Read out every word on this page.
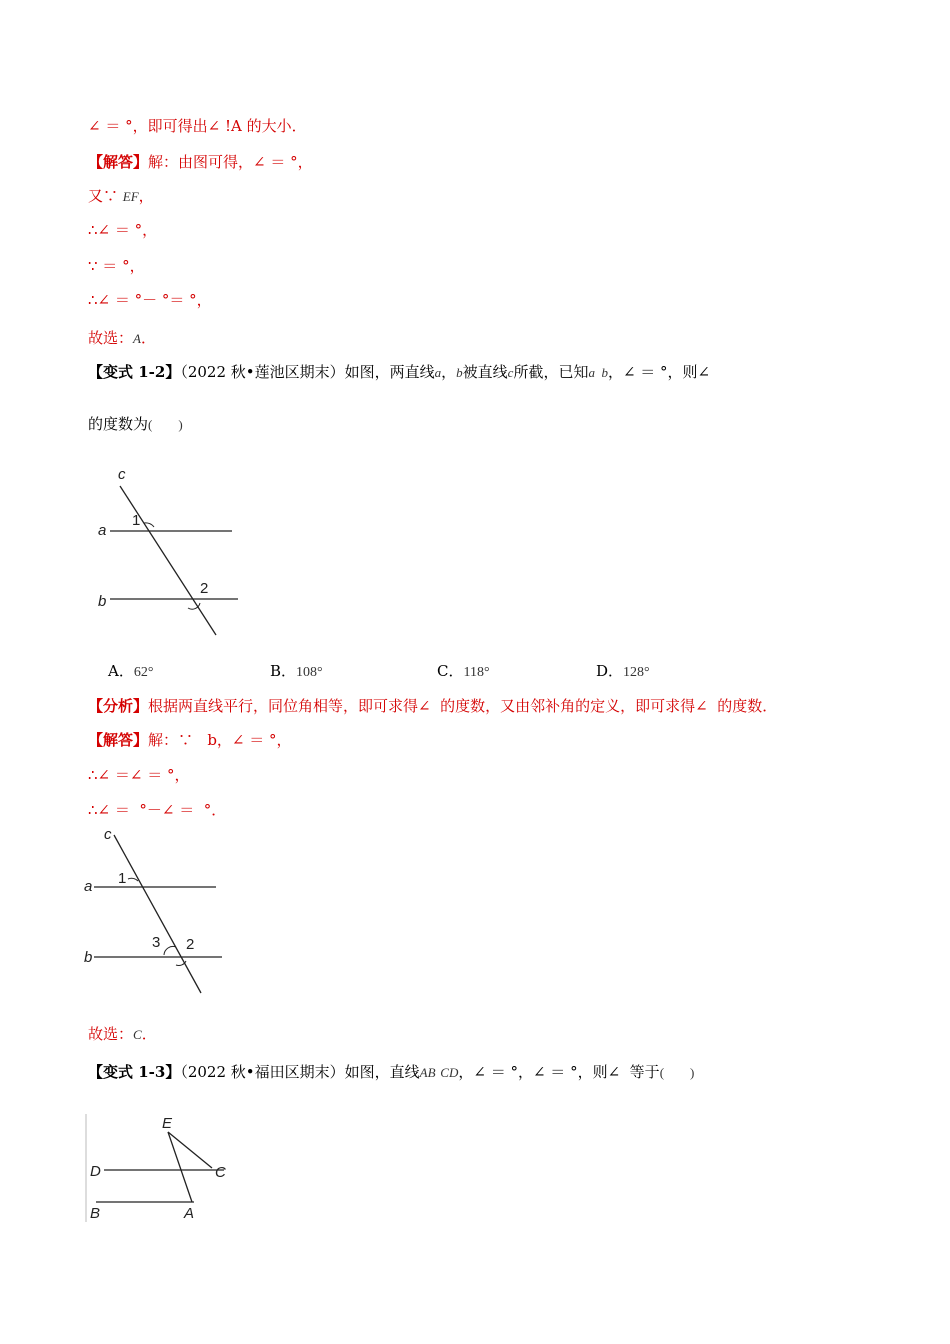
∠ ＝ °，即可得出∠ !A 的大小．
【解答】解：由图可得，∠ ＝ °，
又∵ EF，
∴∠ ＝ °，
∵ ＝ °，
∴∠ ＝ °－ °＝ °，
故选：A．
【变式 1-2】（2022 秋•莲池区期末）如图，两直线a，b被直线c所截，已知a  b，∠ ＝ °，则∠
的度数为(        )
c
a
b
1
2
A．62°	B．108°	C．118°	D．128°
【分析】根据两直线平行，同位角相等，即可求得∠  的度数，又由邻补角的定义，即可求得∠  的度数．
【解答】解：∵   b，∠ ＝ °，
∴∠ ＝∠ ＝ °，
∴∠ ＝  °－∠ ＝  °．
c
a
b
1
3 2
故选：C．
【变式 1-3】（2022 秋•福田区期末）如图，直线AB CD，∠ ＝ °，∠ ＝ °，则∠  等于(        )
E
D	C
B	A
